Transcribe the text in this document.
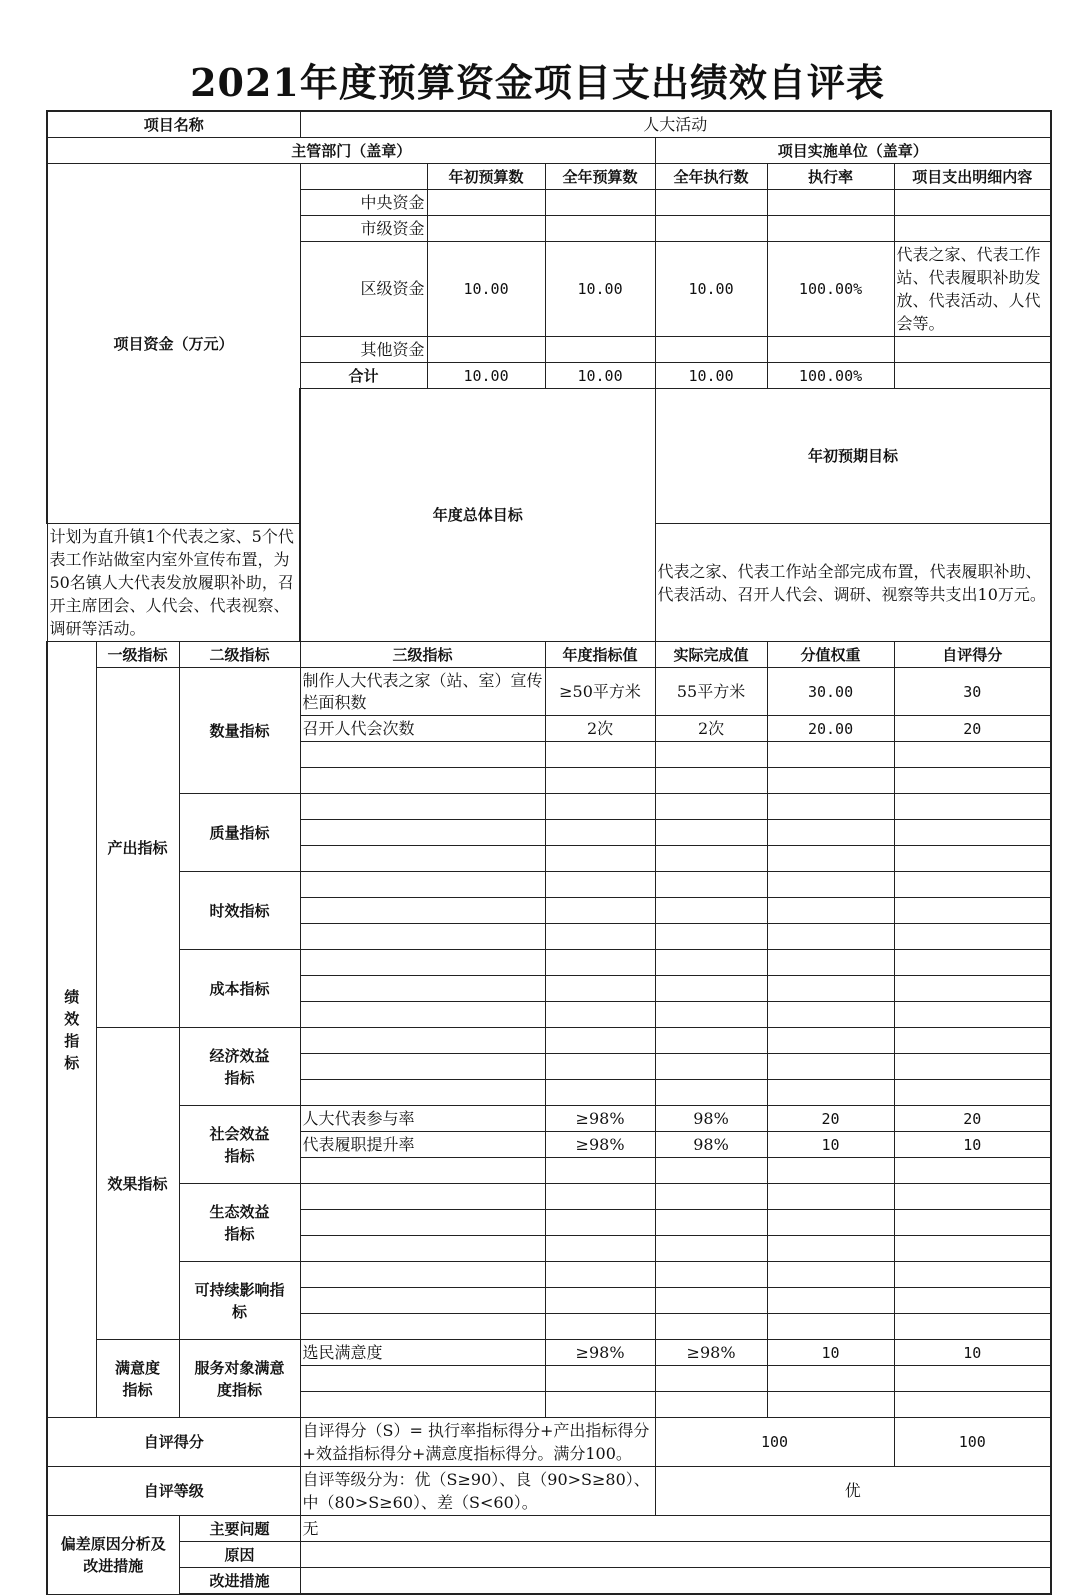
2021年度预算资金项目支出绩效自评表
项目名称			人大活动						
主管部门（盖章）						项目实施单位（盖章）			
项目资金（万元）				年初预算数	全年预算数	全年执行数	执行率	项目支出明细内容	
			中央资金						
			市级资金						
			区级资金	10.00	10.00	10.00	100.00%	代表之家、代表工作站、代表履职补助发放、代表活动、人代会等。	
			其他资金						
			合计	10.00	10.00	10.00	100.00%		
			年度总体目标			年初预期目标	
计划为直升镇1个代表之家、5个代表工作站做室内室外宣传布置，为50名镇人大代表发放履职补助，召开主席团会、人代会、代表视察、调研等活动。						代表之家、代表工作站全部完成布置，代表履职补助、代表活动、召开人代会、调研、视察等共支出10万元。			

绩效指标	一级指标	二级指标	三级指标		年度指标值	实际完成值	分值权重	自评得分	
	产出指标	数量指标	制作人大代表之家（站、室）宣传栏面积数		≥50平方米	55平方米	30.00	30	
			召开人代会次数		2次	2次	20.00	20	

		质量指标							

		时效指标							

		成本指标							

	效果指标	经济效益指标							

		社会效益指标	人大代表参与率		≥98%	98%	20	20	
			代表履职提升率		≥98%	98%	10	10	

		生态效益指标							

		可持续影响指标							

	满意度指标	服务对象满意度指标	选民满意度		≥98%	≥98%	10	10	

自评得分			自评得分（S）= 执行率指标得分+产出指标得分+效益指标得分+满意度指标得分。满分100。			100		100	
自评等级			自评等级分为：优（S≥90）、良（90>S≥80）、中（80>S≥60）、差（S<60）。			优			

偏差原因分析及改进措施		主要问题	无						
		原因							
		改进措施							
